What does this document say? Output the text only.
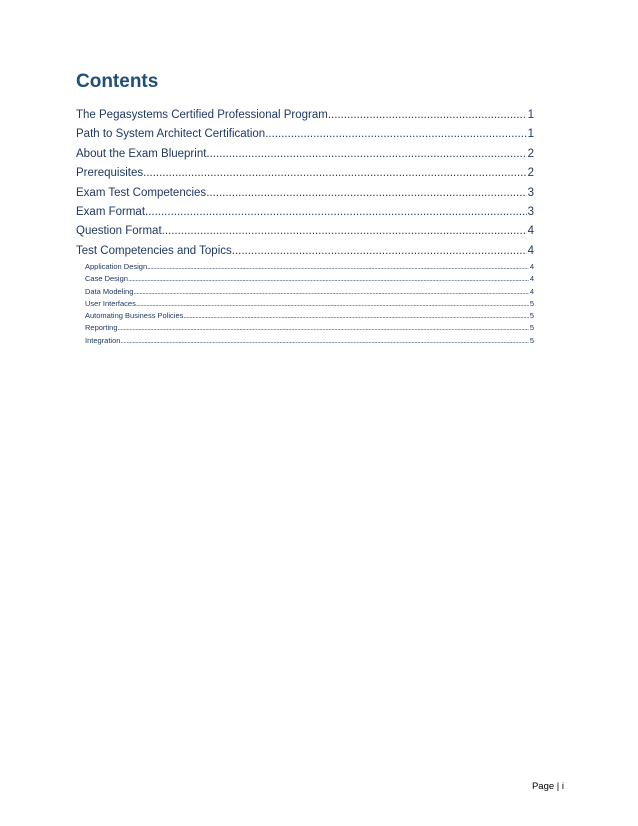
Contents
The Pegasystems Certified Professional Program .....	1
Path to System Architect Certification .....	1
About the Exam Blueprint .....	2
Prerequisites .....	2
Exam Test Competencies .....	3
Exam Format .....	3
Question Format .....	4
Test Competencies and Topics .....	4
Application Design .....	4
Case Design .....	4
Data Modeling .....	4
User Interfaces .....	5
Automating Business Policies .....	5
Reporting .....	5
Integration .....	5
Page | i
